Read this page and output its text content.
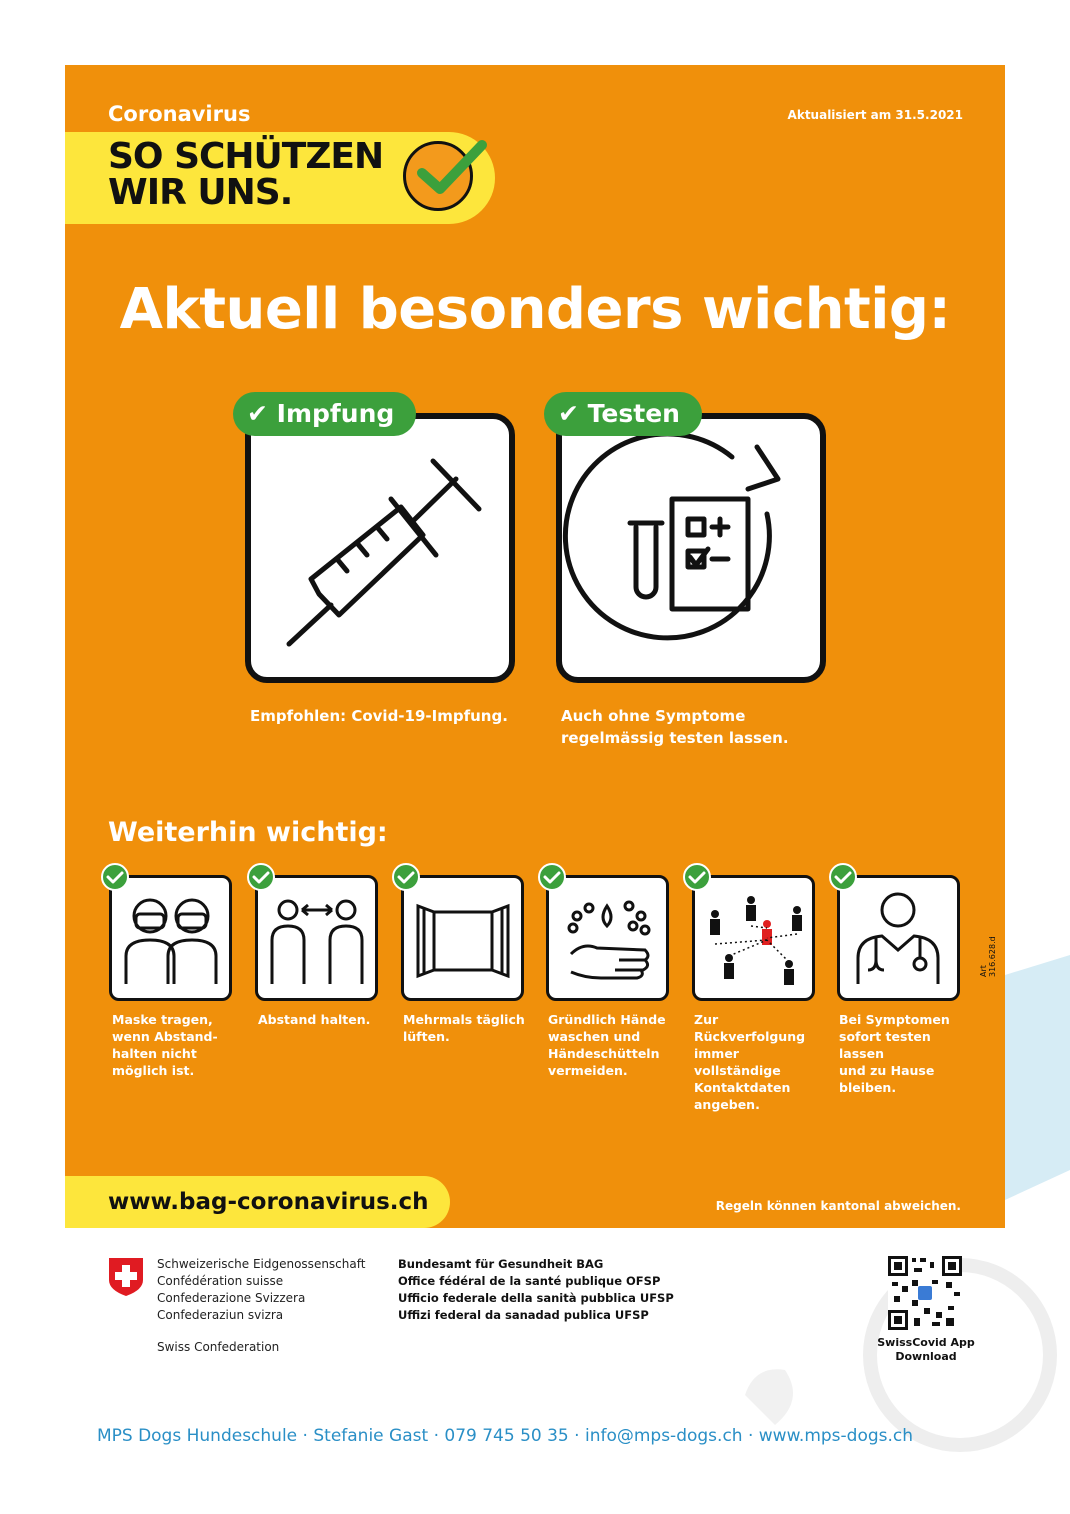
Coronavirus	Aktualisiert am 31.5.2021
SO SCHÜTZEN
WIR UNS.
Aktuell besonders wichtig:
✔ Impfung
Empfohlen: Covid-19-Impfung.
✔ Testen
Auch ohne Symptome
regelmässig testen lassen.
Weiterhin wichtig:
Maske tragen,
wenn Abstand-
halten nicht
möglich ist.
Abstand halten.	Mehrmals täglich
lüften.
Gründlich Hände
waschen und
Händeschütteln
vermeiden.
Zur Rückverfolgung
immer vollständige
Kontaktdaten
angeben.
Bei Symptomen
sofort testen lassen
und zu Hause
bleiben.
Art 316.628.d
www.bag-coronavirus.ch	Regeln können kantonal abweichen.
Schweizerische Eidgenossenschaft
Confédération suisse
Confederazione Svizzera
Confederaziun svizra
Swiss Confederation
Bundesamt für Gesundheit BAG
Office fédéral de la santé publique OFSP
Ufficio federale della sanità pubblica UFSP
Uffizi federal da sanadad publica UFSP
SwissCovid App
Download
MPS Dogs Hundeschule · Stefanie Gast · 079 745 50 35 · info@mps-dogs.ch · www.mps-dogs.ch
